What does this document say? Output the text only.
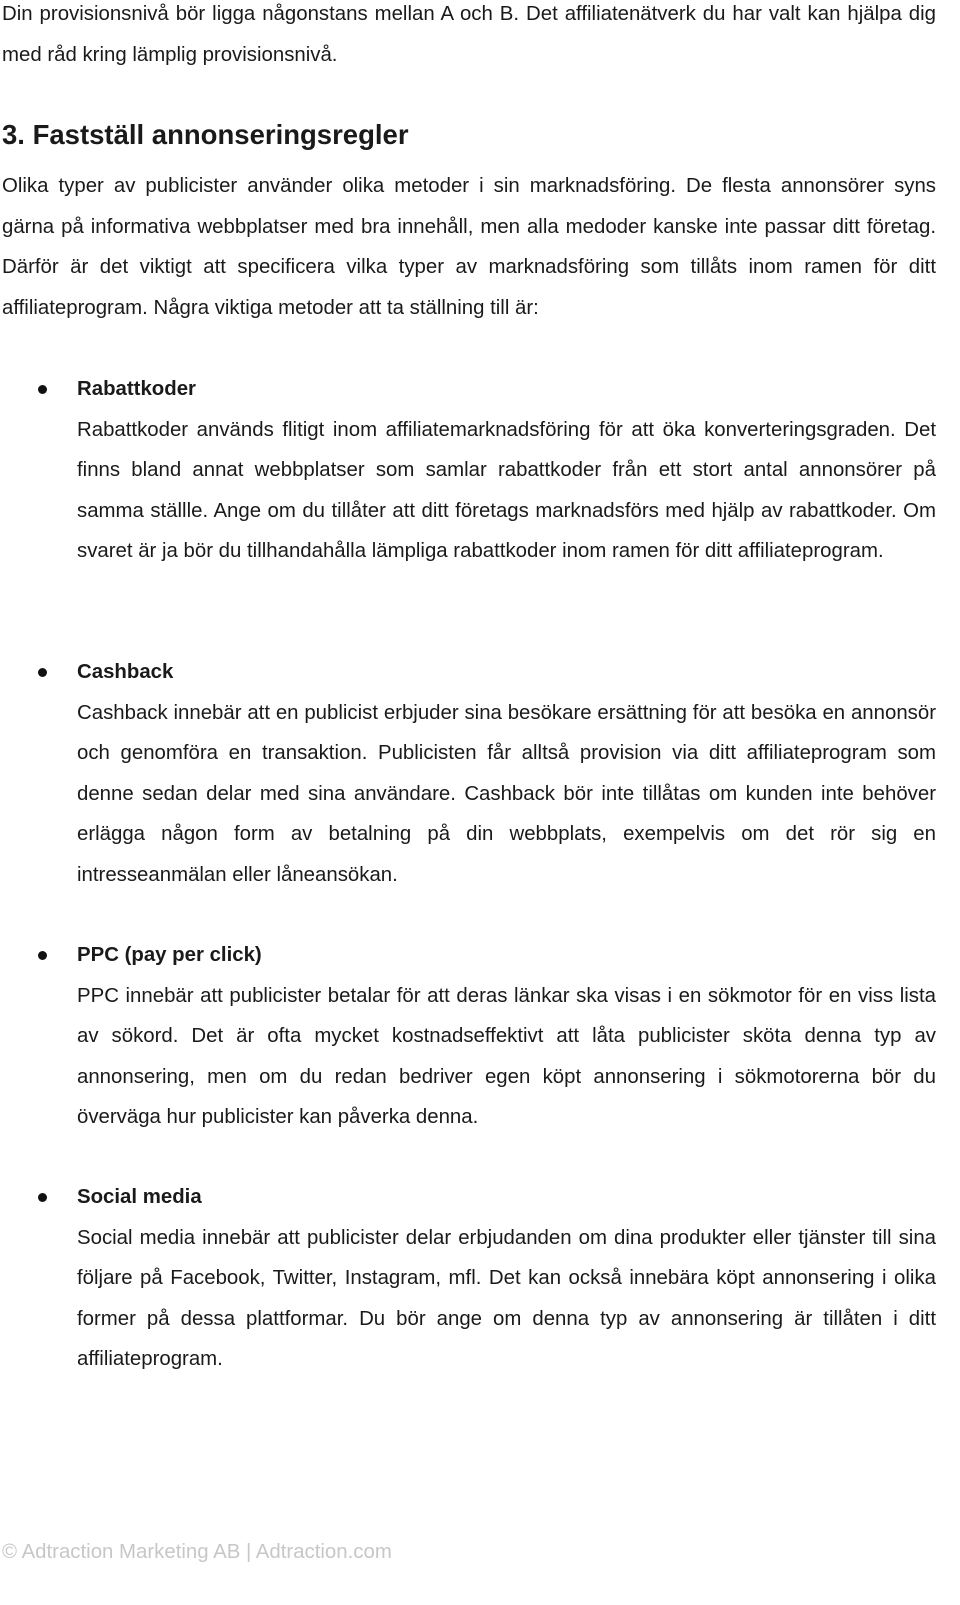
Din provisionsnivå bör ligga någonstans mellan A och B. Det affiliatenätverk du har valt kan hjälpa dig med råd kring lämplig provisionsnivå.

3. Fastställ annonseringsregler

Olika typer av publicister använder olika metoder i sin marknadsföring. De flesta annonsörer syns gärna på informativa webbplatser med bra innehåll, men alla medoder kanske inte passar ditt företag. Därför är det viktigt att specificera vilka typer av marknadsföring som tillåts inom ramen för ditt affiliateprogram. Några viktiga metoder att ta ställning till är:

Rabattkoder

Rabattkoder används flitigt inom affiliatemarknadsföring för att öka konverteringsgraden. Det finns bland annat webbplatser som samlar rabattkoder från ett stort antal annonsörer på samma ställle. Ange om du tillåter att ditt företags marknadsförs med hjälp av rabattkoder. Om svaret är ja bör du tillhandahålla lämpliga rabattkoder inom ramen för ditt affiliateprogram.

Cashback

Cashback innebär att en publicist erbjuder sina besökare ersättning för att besöka en annonsör och genomföra en transaktion. Publicisten får alltså provision via ditt affiliateprogram som denne sedan delar med sina användare. Cashback bör inte tillåtas om kunden inte behöver erlägga någon form av betalning på din webbplats, exempelvis om det rör sig en intresseanmälan eller låneansökan.

PPC (pay per click)

PPC innebär att publicister betalar för att deras länkar ska visas i en sökmotor för en viss lista av sökord. Det är ofta mycket kostnadseffektivt att låta publicister sköta denna typ av annonsering, men om du redan bedriver egen köpt annonsering i sökmotorerna bör du överväga hur publicister kan påverka denna.

Social media

Social media innebär att publicister delar erbjudanden om dina produkter eller tjänster till sina följare på Facebook, Twitter, Instagram, mfl. Det kan också innebära köpt annonsering i olika former på dessa plattformar. Du bör ange om denna typ av annonsering är tillåten i ditt affiliateprogram.

© Adtraction Marketing AB | Adtraction.com
